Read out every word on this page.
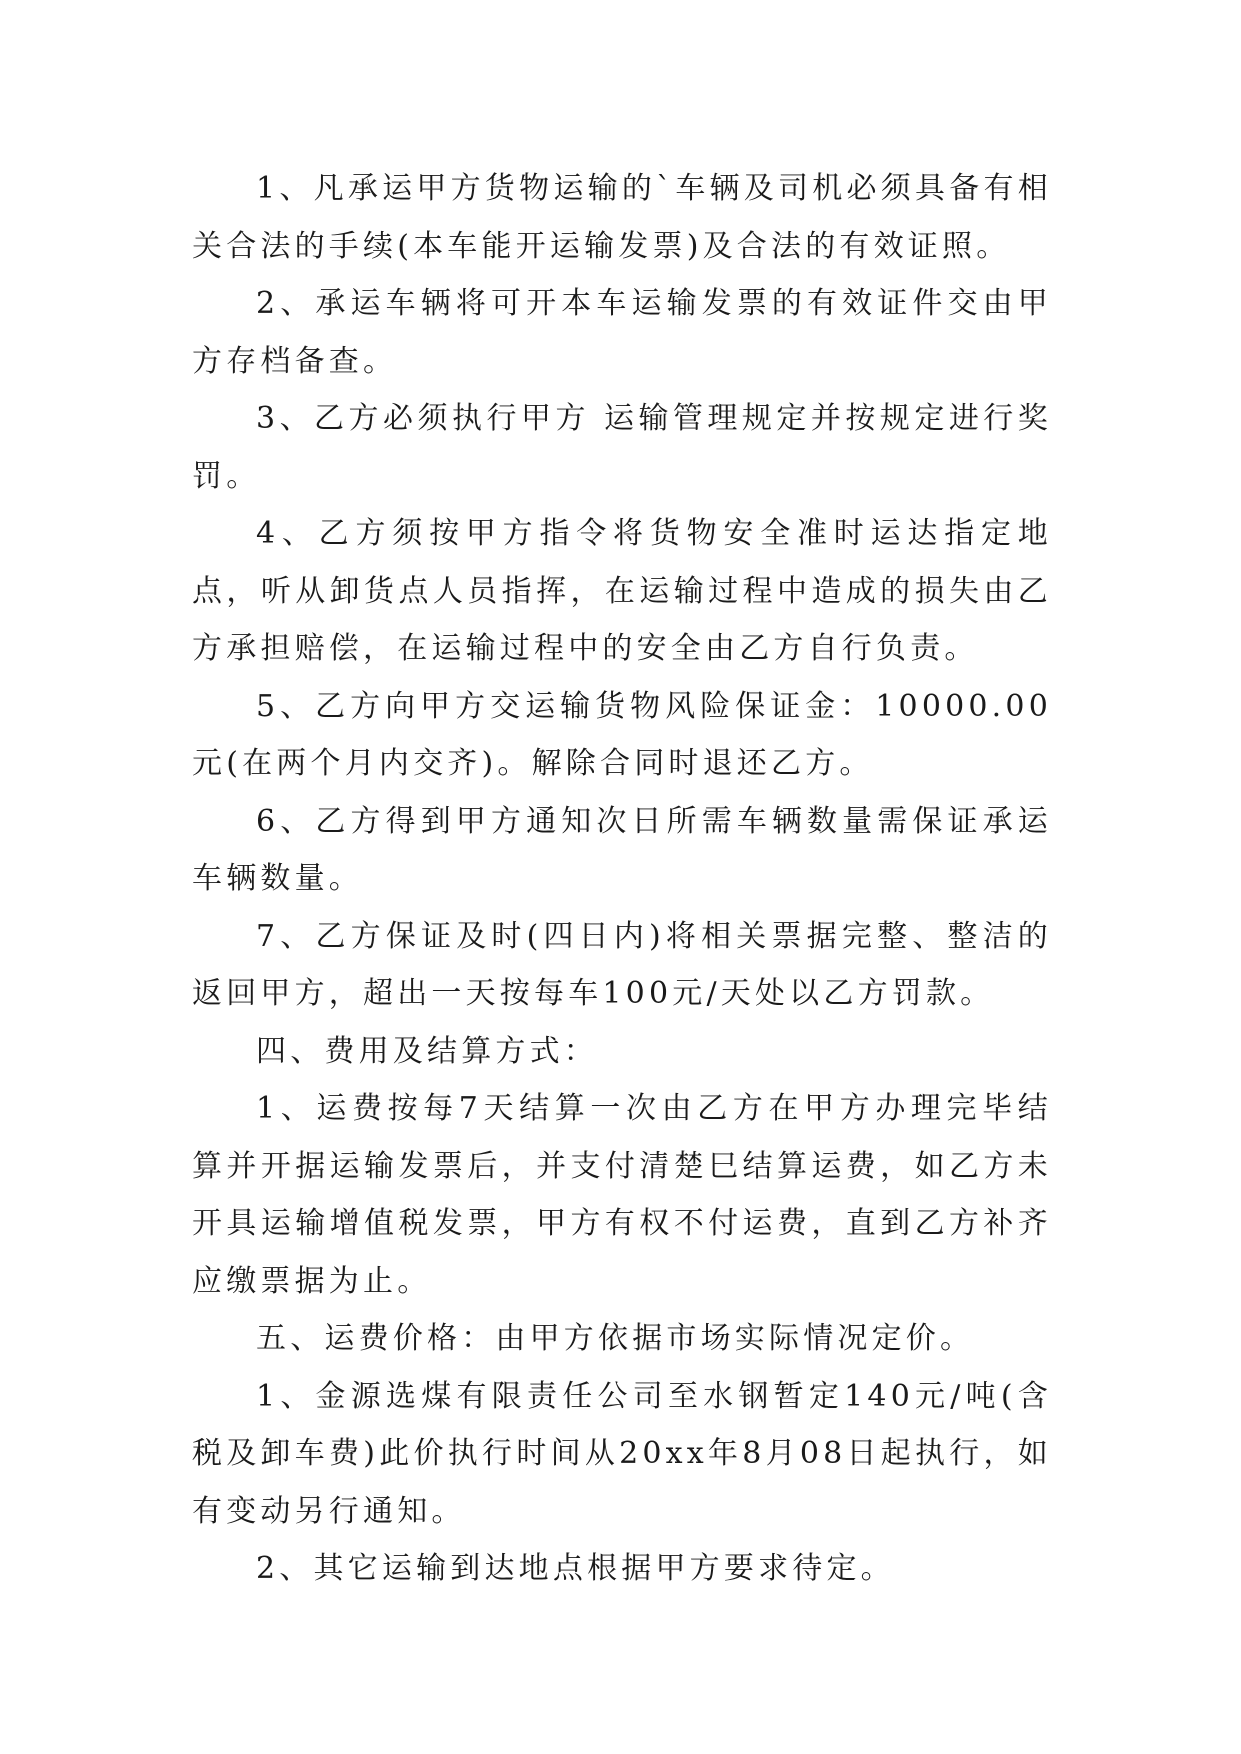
1、凡承运甲方货物运输的`车辆及司机必须具备有相关合法的手续(本车能开运输发票)及合法的有效证照。

2、承运车辆将可开本车运输发票的有效证件交由甲方存档备查。

3、乙方必须执行甲方 运输管理规定并按规定进行奖罚。

4、乙方须按甲方指令将货物安全准时运达指定地点，听从卸货点人员指挥，在运输过程中造成的损失由乙方承担赔偿，在运输过程中的安全由乙方自行负责。

5、乙方向甲方交运输货物风险保证金：10000.00元(在两个月内交齐)。解除合同时退还乙方。

6、乙方得到甲方通知次日所需车辆数量需保证承运车辆数量。

7、乙方保证及时(四日内)将相关票据完整、整洁的返回甲方，超出一天按每车100元/天处以乙方罚款。

四、费用及结算方式：

1、运费按每7天结算一次由乙方在甲方办理完毕结算并开据运输发票后，并支付清楚巳结算运费，如乙方未开具运输增值税发票，甲方有权不付运费，直到乙方补齐应缴票据为止。

五、运费价格：由甲方依据市场实际情况定价。

1、金源选煤有限责任公司至水钢暂定140元/吨(含税及卸车费)此价执行时间从20xx年8月08日起执行，如有变动另行通知。

2、其它运输到达地点根据甲方要求待定。
